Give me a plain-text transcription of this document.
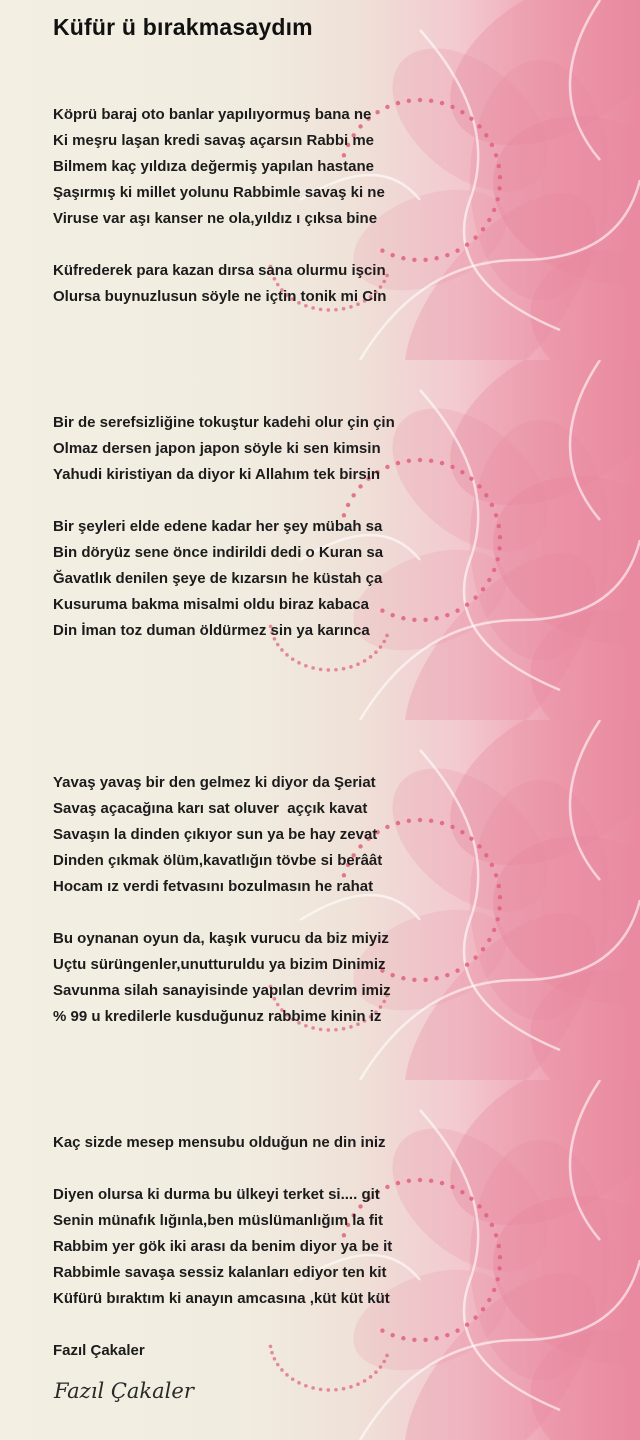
Küfür ü bırakmasaydım
Köprü baraj oto banlar yapılıyormuş bana ne
Ki meşru laşan kredi savaş açarsın Rabbi me
Bilmem kaç yıldıza değermiş yapılan hastane
Şaşırmış ki millet yolunu Rabbimle savaş ki ne
Viruse var aşı kanser ne ola,yıldız ı çıksa bine
Küfrederek para kazan dırsa sana olurmu işcin
Olursa buynuzlusun söyle ne içtin tonik mi Cin
Bir de serefsizliğine tokuştur kadehi olur çin çin
Olmaz dersen japon japon söyle ki sen kimsin
Yahudi kiristiyan da diyor ki Allahım tek birsin
Bir şeyleri elde edene kadar her şey mübah sa
Bin döryüz sene önce indirildi dedi o Kuran sa
Ğavatlık denilen şeye de kızarsın he küstah ça
Kusuruma bakma misalmi oldu biraz kabaca
Din İman toz duman öldürmez sin ya karınca
Yavaş yavaş bir den gelmez ki diyor da Şeriat
Savaş açacağına karı sat oluver  aççık kavat
Savaşın la dinden çıkıyor sun ya be hay zevat
Dinden çıkmak ölüm,kavatlığın tövbe si berâât
Hocam ız verdi fetvasını bozulmasın he rahat
Bu oynanan oyun da, kaşık vurucu da biz miyiz
Uçtu sürüngenler,unutturuldu ya bizim Dinimiz
Savunma silah sanayisinde yapılan devrim imiz
% 99 u kredilerle kusduğunuz rabbime kinin iz
Kaç sizde mesep mensubu olduğun ne din iniz
Diyen olursa ki durma bu ülkeyi terket si.... git
Senin münafık lığınla,ben müslümanlığım la fit
Rabbim yer gök iki arası da benim diyor ya be it
Rabbimle savaşa sessiz kalanları ediyor ten kit
Küfürü bıraktım ki anayın amcasına ,küt küt küt
Fazıl Çakaler
Fazıl Çakaler
